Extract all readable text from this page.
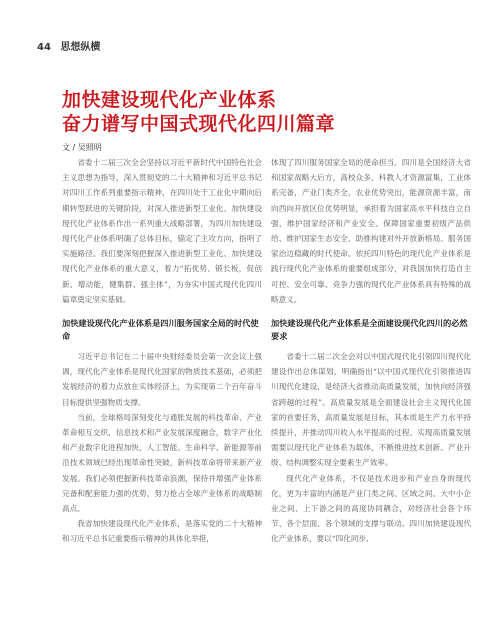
44 思想纵横
加快建设现代化产业体系
奋力谱写中国式现代化四川篇章
文 / 吴照明

省委十二届三次全会坚持以习近平新时代中国特色社会主义思想为指导，深入贯彻党的二十大精神和习近平总书记对四川工作系列重要指示精神，在四川处于工业化中期向后期转型跃进的关键阶段，对深入推进新型工业化、加快建设现代化产业体系作出一系列重大战略部署，为四川加快建设现代化产业体系明确了总体目标，锚定了主攻方向，指明了实施路径。我们要深刻把握深入推进新型工业化、加快建设现代化产业体系的重大意义，着力“拓优势、锻长板，促创新、增动能，健集群、强主体”，为夯实中国式现代化四川篇章奠定坚实基础。

加快建设现代化产业体系是四川服务国家全局的时代使命

习近平总书记在二十届中央财经委员会第一次会议上强调，现代化产业体系是现代化国家的物质技术基础，必须把发展经济的着力点放在实体经济上，为实现第二个百年奋斗目标提供坚强物质支撑。

当前，全球格局深刻变化与通胀发展的科技革命、产业革命相互交织，信息技术和产业发展深度融合，数字产业化和产业数字化进程加快，人工智能、生命科学、新能源等前沿技术领域已经出现革命性突破，新科技革命将带来新产业发展。我们必须把握新科技革命浪潮，保持并增强产业体系完备和配套能力强的优势，努力抢占全球产业体系的战略制高点。

我省加快建设现代化产业体系，是落实党的二十大精神和习近平总书记重要指示精神的具体化举措，

体现了四川服务国家全局的使命担当。四川是全国经济大省和国家战略大后方，高校众多，科教人才资源富集，工业体系完备，产业门类齐全，农业优势突出，能源资源丰富，南向西向开放区位优势明显，承担着为国家高水平科技自立自强、维护国家经济和产业安全、保障国家重要初级产品供给、维护国家生态安全、助推构建对外开放新格局、服务国家治边稳藏的时代使命。依托四川特色的现代化产业体系是践行现代化产业体系的重要组成部分，对我国加快打造自主可控、安全可靠、竞争力强的现代化产业体系具有特殊的战略意义。

加快建设现代化产业体系是全面建设现代化四川的必然要求

省委十二届二次全会对以中国式现代化引领四川现代化建设作出总体谋划，明确指出“以中国式现代化引领推进四川现代化建设，是经济大省推动高质量发展，加快向经济强省跨越的过程”。高质量发展是全面建设社会主义现代化国家的首要任务，高质量发展是目标，其本质是生产力水平持续提升，并推动四川收入水平提高的过程。实现高质量发展需要以现代化产业体系为载体，不断推进技术创新、产业升级、结构调整实现全要素生产效率。

现代化产业体系，不仅是技术进步和产业自身的现代化，更为丰富的内涵是产业门类之间、区域之间、大中小企业之间、上下游之间的高度协同耦合，对经济社会各个环节、各个层面、各个领域的支撑与联动。四川加快建设现代化产业体系，要以“四化同步、
